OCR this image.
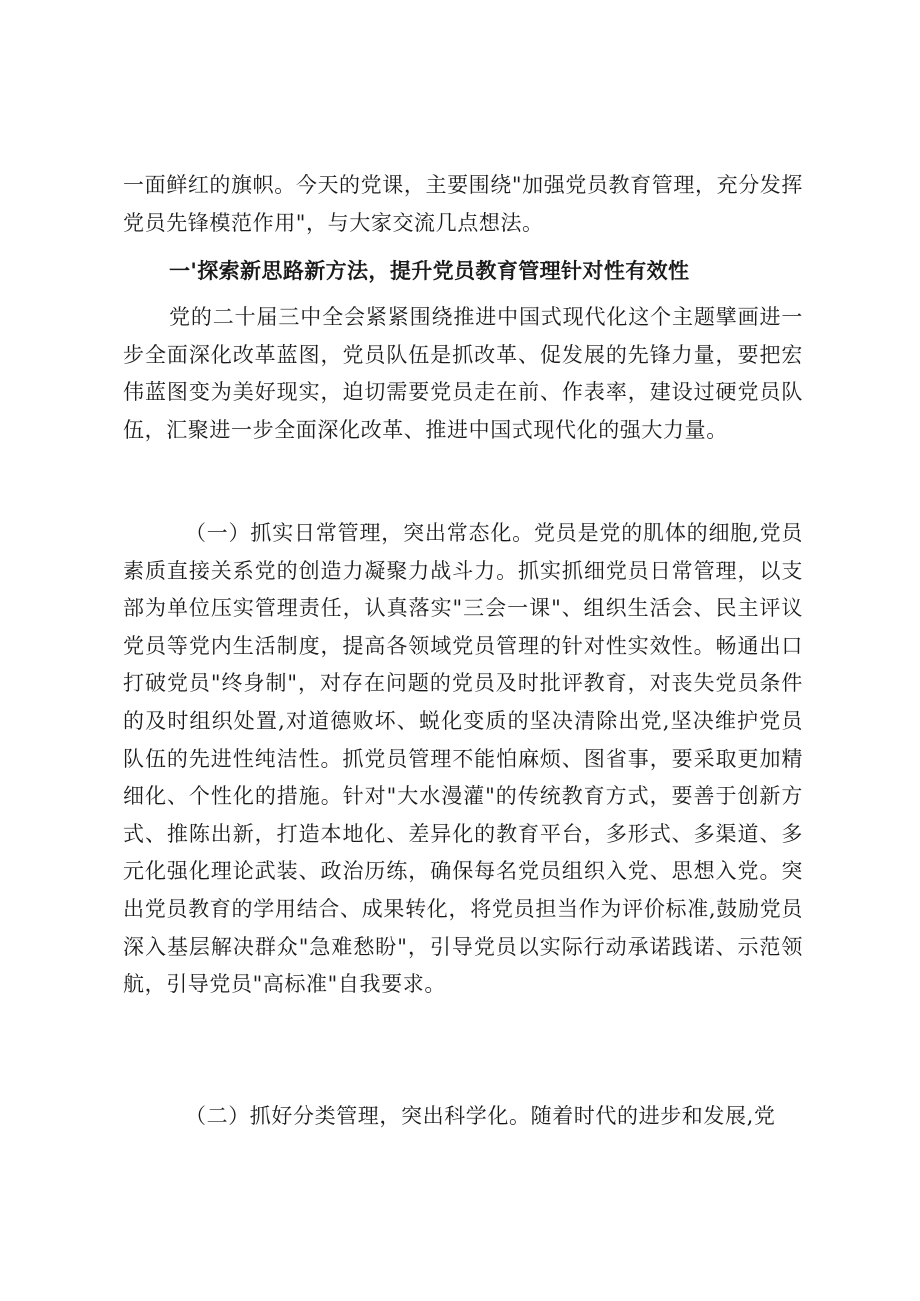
一面鲜红的旗帜。今天的党课，主要围绕"加强党员教育管理，充分发挥党员先锋模范作用"，与大家交流几点想法。

一'探索新思路新方法，提升党员教育管理针对性有效性

党的二十届三中全会紧紧围绕推进中国式现代化这个主题擘画进一步全面深化改革蓝图，党员队伍是抓改革、促发展的先锋力量，要把宏伟蓝图变为美好现实，迫切需要党员走在前、作表率，建设过硬党员队伍，汇聚进一步全面深化改革、推进中国式现代化的强大力量。

（一）抓实日常管理，突出常态化。党员是党的肌体的细胞,党员素质直接关系党的创造力凝聚力战斗力。抓实抓细党员日常管理，以支部为单位压实管理责任，认真落实"三会一课"、组织生活会、民主评议党员等党内生活制度，提高各领域党员管理的针对性实效性。畅通出口打破党员"终身制"，对存在问题的党员及时批评教育，对丧失党员条件的及时组织处置,对道德败坏、蜕化变质的坚决清除出党,坚决维护党员队伍的先进性纯洁性。抓党员管理不能怕麻烦、图省事，要采取更加精细化、个性化的措施。针对"大水漫灌"的传统教育方式，要善于创新方式、推陈出新，打造本地化、差异化的教育平台，多形式、多渠道、多元化强化理论武装、政治历练，确保每名党员组织入党、思想入党。突出党员教育的学用结合、成果转化，将党员担当作为评价标准,鼓励党员深入基层解决群众"急难愁盼"，引导党员以实际行动承诺践诺、示范领航，引导党员"高标准"自我要求。

（二）抓好分类管理，突出科学化。随着时代的进步和发展,党
